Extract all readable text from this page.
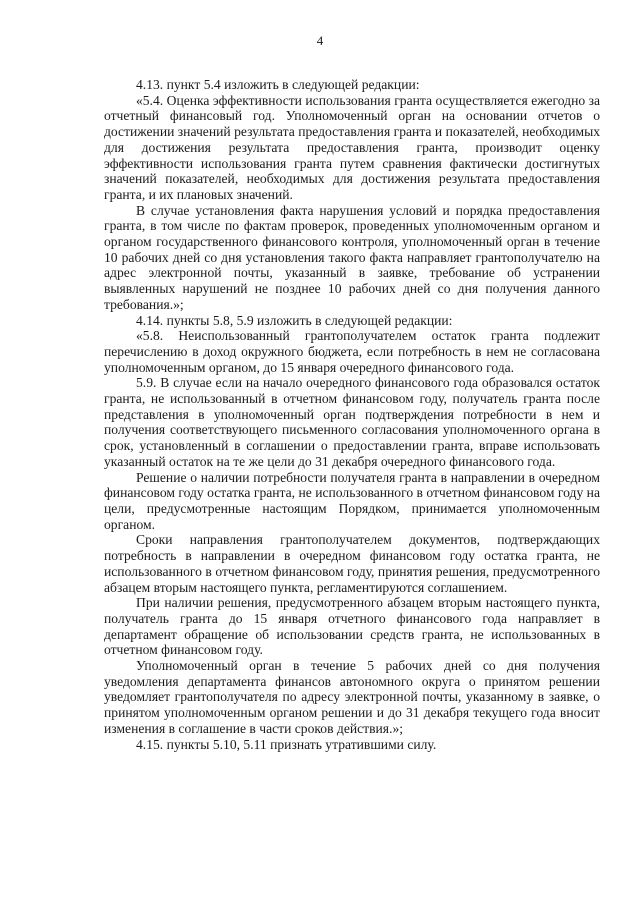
4

4.13. пункт 5.4 изложить в следующей редакции:

«5.4. Оценка эффективности использования гранта осуществляется ежегодно за отчетный финансовый год. Уполномоченный орган на основании отчетов о достижении значений результата предоставления гранта и показателей, необходимых для достижения результата предоставления гранта, производит оценку эффективности использования гранта путем сравнения фактически достигнутых значений показателей, необходимых для достижения результата предоставления гранта, и их плановых значений.

В случае установления факта нарушения условий и порядка предоставления гранта, в том числе по фактам проверок, проведенных уполномоченным органом и органом государственного финансового контроля, уполномоченный орган в течение 10 рабочих дней со дня установления такого факта направляет грантополучателю на адрес электронной почты, указанный в заявке, требование об устранении выявленных нарушений не позднее 10 рабочих дней со дня получения данного требования.»;

4.14. пункты 5.8, 5.9 изложить в следующей редакции:

«5.8. Неиспользованный грантополучателем остаток гранта подлежит перечислению в доход окружного бюджета, если потребность в нем не согласована уполномоченным органом, до 15 января очередного финансового года.

5.9. В случае если на начало очередного финансового года образовался остаток гранта, не использованный в отчетном финансовом году, получатель гранта после представления в уполномоченный орган подтверждения потребности в нем и получения соответствующего письменного согласования уполномоченного органа в срок, установленный в соглашении о предоставлении гранта, вправе использовать указанный остаток на те же цели до 31 декабря очередного финансового года.

Решение о наличии потребности получателя гранта в направлении в очередном финансовом году остатка гранта, не использованного в отчетном финансовом году на цели, предусмотренные настоящим Порядком, принимается уполномоченным органом.

Сроки направления грантополучателем документов, подтверждающих потребность в направлении в очередном финансовом году остатка гранта, не использованного в отчетном финансовом году, принятия решения, предусмотренного абзацем вторым настоящего пункта, регламентируются соглашением.

При наличии решения, предусмотренного абзацем вторым настоящего пункта, получатель гранта до 15 января отчетного финансового года направляет в департамент обращение об использовании средств гранта, не использованных в отчетном финансовом году.

Уполномоченный орган в течение 5 рабочих дней со дня получения уведомления департамента финансов автономного округа о принятом решении уведомляет грантополучателя по адресу электронной почты, указанному в заявке, о принятом уполномоченным органом решении и до 31 декабря текущего года вносит изменения в соглашение в части сроков действия.»;

4.15. пункты 5.10, 5.11 признать утратившими силу.
